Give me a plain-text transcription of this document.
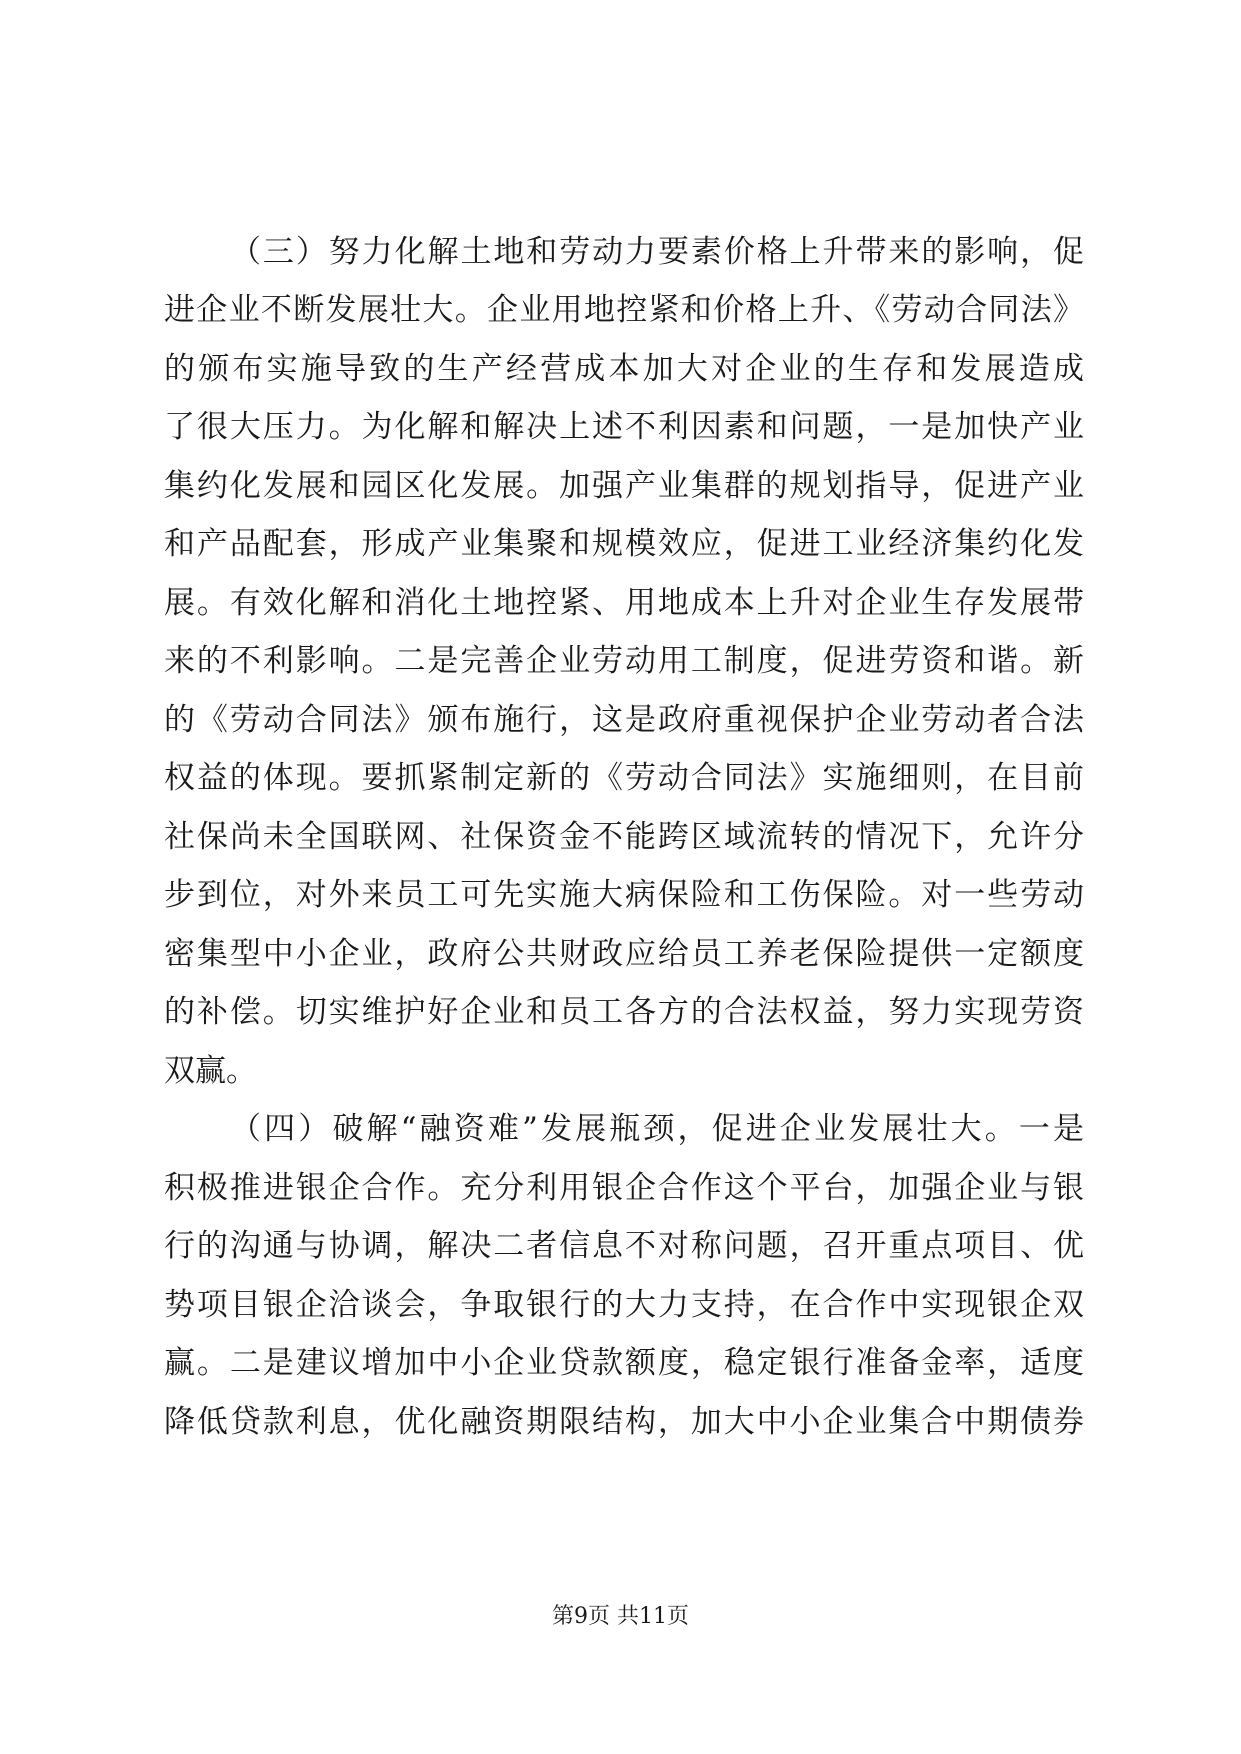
（三）努力化解土地和劳动力要素价格上升带来的影响，促
进企业不断发展壮大。企业用地控紧和价格上升、《劳动合同法》
的颁布实施导致的生产经营成本加大对企业的生存和发展造成
了很大压力。为化解和解决上述不利因素和问题，一是加快产业
集约化发展和园区化发展。加强产业集群的规划指导，促进产业
和产品配套，形成产业集聚和规模效应，促进工业经济集约化发
展。有效化解和消化土地控紧、用地成本上升对企业生存发展带
来的不利影响。二是完善企业劳动用工制度，促进劳资和谐。新
的《劳动合同法》颁布施行，这是政府重视保护企业劳动者合法
权益的体现。要抓紧制定新的《劳动合同法》实施细则，在目前
社保尚未全国联网、社保资金不能跨区域流转的情况下，允许分
步到位，对外来员工可先实施大病保险和工伤保险。对一些劳动
密集型中小企业，政府公共财政应给员工养老保险提供一定额度
的补偿。切实维护好企业和员工各方的合法权益，努力实现劳资
双赢。
（四）破解“融资难”发展瓶颈，促进企业发展壮大。一是
积极推进银企合作。充分利用银企合作这个平台，加强企业与银
行的沟通与协调，解决二者信息不对称问题，召开重点项目、优
势项目银企洽谈会，争取银行的大力支持，在合作中实现银企双
赢。二是建议增加中小企业贷款额度，稳定银行准备金率，适度
降低贷款利息，优化融资期限结构，加大中小企业集合中期债券
第9页 共11页
